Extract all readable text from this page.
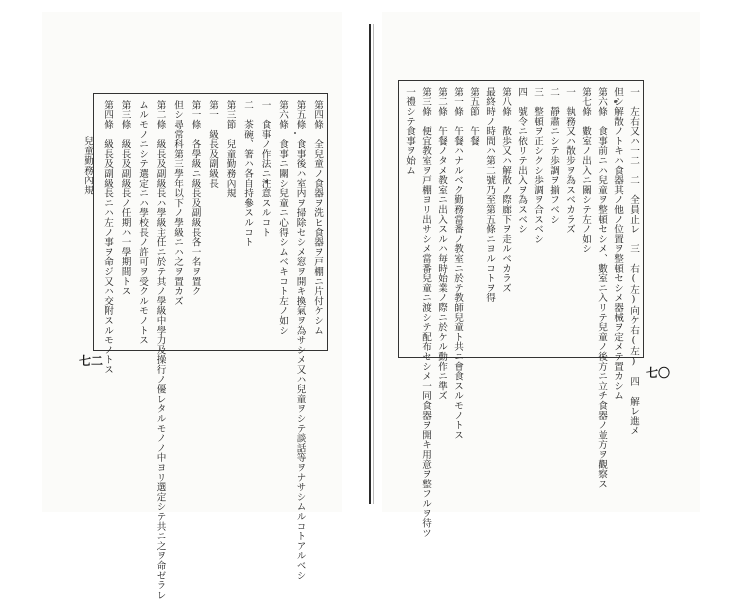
兒童勤務內規
七二
第四條　全兒童ノ食器ヲ洗ヒ食器ヲ戸棚ニ片付ケシム
第五條　食事後ハ室内ヲ掃除セシメ窓ヲ開キ換氣ヲ為サシメ又ハ兒童ヲシテ談話等ヲナサシムルコトアルベシ
第六條　食事ニ關シ兒童ニ心得シムベキコト左ノ如シ
一　食事ノ作法ニ注意スルコト
二　茶碗、箸ハ各自持參スルコト
第三節　兒童勤務內規
第一　級長及副級長
第一條　各學級ニ級長及副級長各一名ヲ置ク
但シ尋常科第三學年以下ノ學級ニハ之ヲ置カズ
第二條　級長及副級長ハ學級主任ニ於テ其ノ學級中學力及操行ノ優レタルモノノ中ヨリ選定シテ共ニ之ヲ命ゼラレ
ムルモノニシテ選定ニハ學校長ノ許可ヲ受クルモノトス
第三條　級長及副級長ノ任期ハ一學期間トス
第四條　級長及副級長ニハ左ノ事ヲ命ジ又ハ交附スルモノトス	七〇
一　左右又ハ一二　二　全員止レ　三　右(左)向ケ右(左)　四　解レ進メ
但シ解散ノトキハ食器其ノ他ノ位置ヲ整頓セシメ器械ヲ定メテ置カシム
第六條　食事前ニハ兒童ヲ整頓セシメ、數室ニ入リテ兒童ノ後方ニ立チ食器ノ並方ヲ觀察ス
第七條　數室ノ出入ニ關シテ左ノ如シ
一　執務又ハ散步ヲ為スベカラズ
二　靜肅ニシテ歩調ヲ揃フベシ
三　整頓ヲ正シクシ歩調ヲ合スベシ
四　號令ニ依リテ出入ヲ為スベシ
第八條　散歩又ハ解散ノ際廊下ヲ走ルベカラズ
最終時ノ時間ハ第二號乃至第五條ニヨルコトヲ得
第五節　午餐
第一條　午餐ハナルベク勤務當番ノ教室ニ於テ教師兒童ト共ニ會食スルモノトス
第二條　午餐ノタメ教室ニ出入スルハ毎時始業ノ際ニ於ケル動作ニ準ズ
第三條　便宜教室ヲ戸棚ヨリ出サシメ當番兒童ニ渡シテ配布セシメ一同食器ヲ開キ用意ヲ整フルヲ待ツ
一禮シテ食事ヲ始ム
